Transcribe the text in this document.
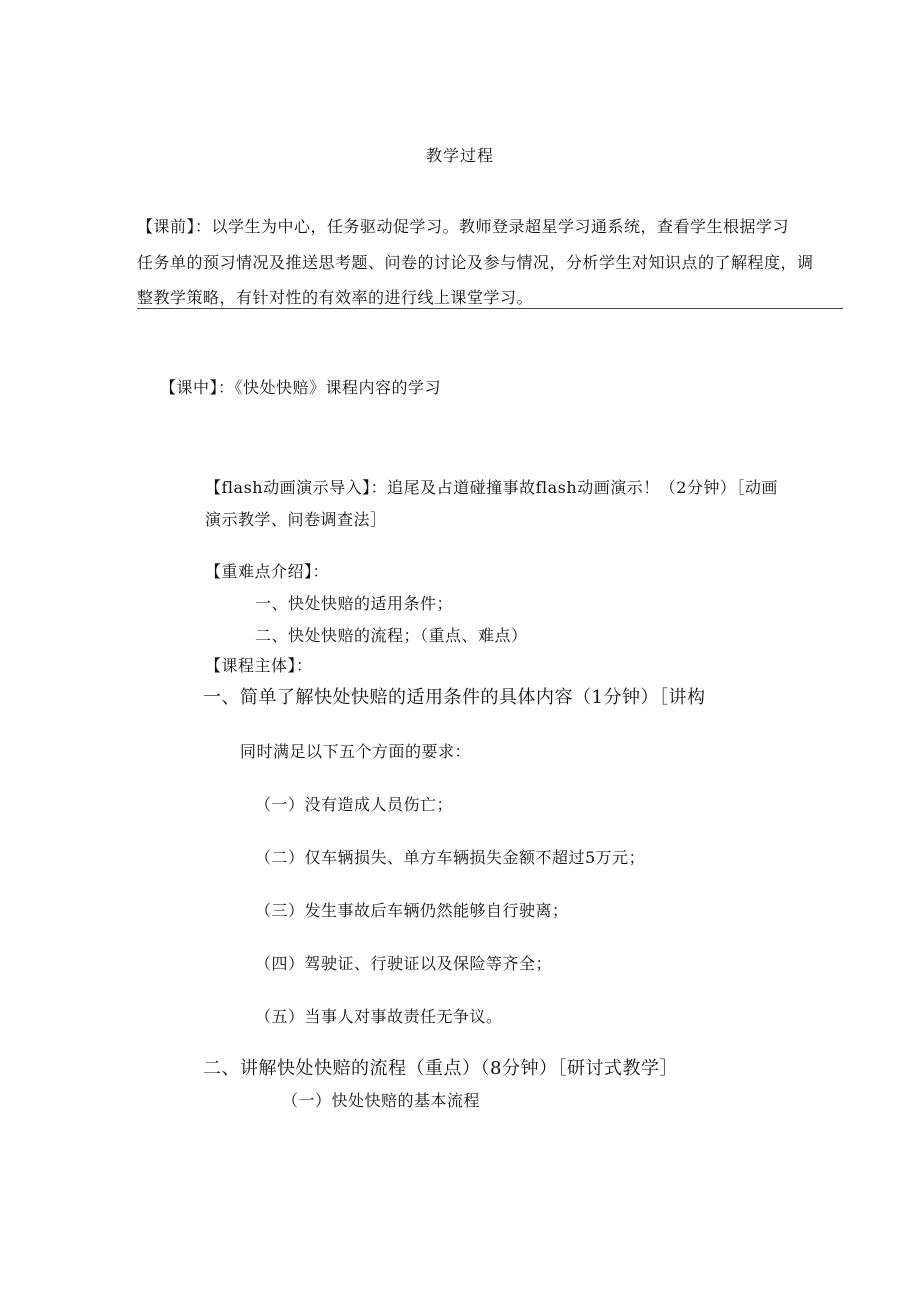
教学过程
【课前】：以学生为中心，任务驱动促学习。教师登录超星学习通系统，查看学生根据学习
任务单的预习情况及推送思考题、问卷的讨论及参与情况，分析学生对知识点的了解程度，调
整教学策略，有针对性的有效率的进行线上课堂学习。
【课中】：《快处快赔》课程内容的学习
【flash动画演示导入】：追尾及占道碰撞事故flash动画演示！（2分钟）［动画
演示教学、问卷调查法］
【重难点介绍】：
一、快处快赔的适用条件；
二、快处快赔的流程；（重点、难点）
【课程主体】：
一、简单了解快处快赔的适用条件的具体内容（1分钟）［讲构
同时满足以下五个方面的要求：
（一）没有造成人员伤亡；
（二）仅车辆损失、单方车辆损失金额不超过5万元；
（三）发生事故后车辆仍然能够自行驶离；
（四）驾驶证、行驶证以及保险等齐全；
（五）当事人对事故责任无争议。
二、讲解快处快赔的流程（重点）（8分钟）［研讨式教学］
（一）快处快赔的基本流程
